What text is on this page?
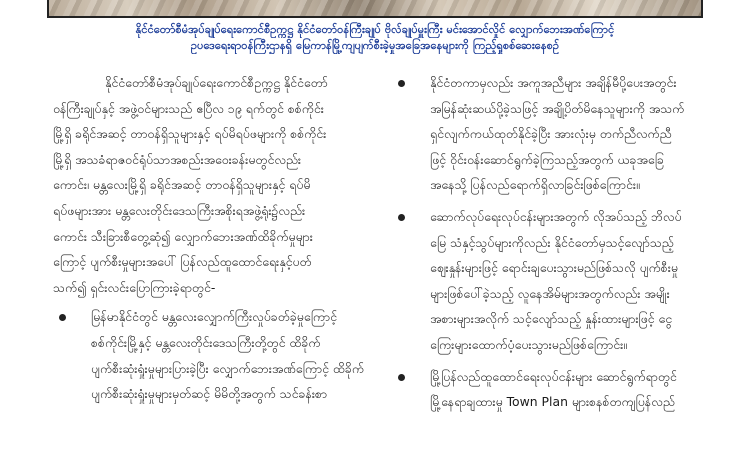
နိုင်ငံတော်စီမံအုပ်ချုပ်ရေးကောင်စီဥက္ကဋ္ဌ နိုင်ငံတော်ဝန်ကြီးချုပ် ဗိုလ်ချုပ်မှူးကြီး မင်းအောင်လှိုင် လျှောက်ဘေးအဏ်ကြောင့်
ဥပဒေရေးရာဝန်ကြီးဌာနရှိ မြေကာန်မြို့ကျပျက်စီးခဲ့မှုအခြေအနေများကို ကြည့်ရှုစစ်ဆေးနေစဉ်
နိုင်ငံတော်စီမံအုပ်ချုပ်ရေးကောင်စီဥက္ကဋ္ဌ နိုင်ငံတော်
ဝန်ကြီးချုပ်နှင့် အဖွဲ့ဝင်များသည် ဧပြီလ ၁၉ ရက်တွင် စစ်ကိုင်း
မြို့ရှိ ခရိုင်အဆင့် တာဝန်ရှိသူများနှင့် ရပ်မိရပ်ဖများကို စစ်ကိုင်း
မြို့ရှိ အသခံရာဇဝင်ရုံပ်သာအစည်းအဝေးခန်းမတွင်လည်း
ကောင်း၊ မန္တလေးမြို့ရှိ ခရိုင်အဆင့် တာဝန်ရှိသူများနှင့် ရပ်မိ
ရပ်ဖများအား မန္တလေးတိုင်းဒေသကြီးအစိုးရအဖွဲ့ရုံး၌လည်း
ကောင်း သီးခြားစီတွေ့ဆုံ၍ လျှောက်ဘေးအဏ်ထိခိုက်မှုများ
ကြောင့် ပျက်စီးမှုများအပေါ် ပြန်လည်ထူထောင်ရေးနှင့်ပတ်
သက်၍ ရှင်းလင်းပြောကြားခဲ့ရာတွင်-
မြန်မာနိုင်ငံတွင် မန္တလေးလျှောက်ကြီးလှုပ်ခတ်ခဲ့မှုကြောင့်
စစ်ကိုင်းမြို့နှင့် မန္တလေးတိုင်းဒေသကြီးတို့တွင် ထိခိုက်
ပျက်စီးဆုံးရှုံးမှုများပြားခဲ့ပြီး လျှောက်ဘေးအဏ်ကြောင့် ထိခိုက်
ပျက်စီးဆုံးရှုံးမှုများမှတ်ဆင့် မိမိတို့အတွက် သင်ခန်းစာ
နိုင်ငံတကာမှလည်း အကူအညီများ အချိန်မီပို့ပေးအတွင်း
အမြန်ဆုံးဆယ်ပို့ခဲ့သဖြင့် အချို့ပိတ်မိနေသူများကို အသက်
ရှင်လျက်ကယ်ထုတ်နိုင်ခဲ့ပြီး အားလုံးမှ တက်ညီလက်ညီ
ဖြင့် ဝိုင်းဝန်းဆောင်ရွက်ခဲ့ကြသည့်အတွက် ယခုအခြေ
အနေသို့ ပြန်လည်ရောက်ရှိလာခြင်းဖြစ်ကြောင်း။
ဆောက်လုပ်ရေးလုပ်ငန်းများအတွက် လိုအပ်သည့် ဘိလပ်
မြေ သံနှင့်သွပ်များကိုလည်း နိုင်ငံတော်မှသင့်လျော်သည့်
ဈေးနှုန်းများဖြင့် ရောင်းချပေးသွားမည်ဖြစ်သလို ပျက်စီးမှု
များဖြစ်ပေါ်ခဲ့သည့် လူနေအိမ်များအတွက်လည်း အမျိုး
အစားများအလိုက် သင့်လျော်သည့် နှုန်းထားများဖြင့် ငွေ
ကြေးများထောက်ပံ့ပေးသွားမည်ဖြစ်ကြောင်း။
မြို့ပြန်လည်ထူထောင်ရေးလုပ်ငန်းများ ဆောင်ရွက်ရာတွင်
မြို့နေရာချထားမှု Town Plan များစနစ်တကျပြန်လည်
